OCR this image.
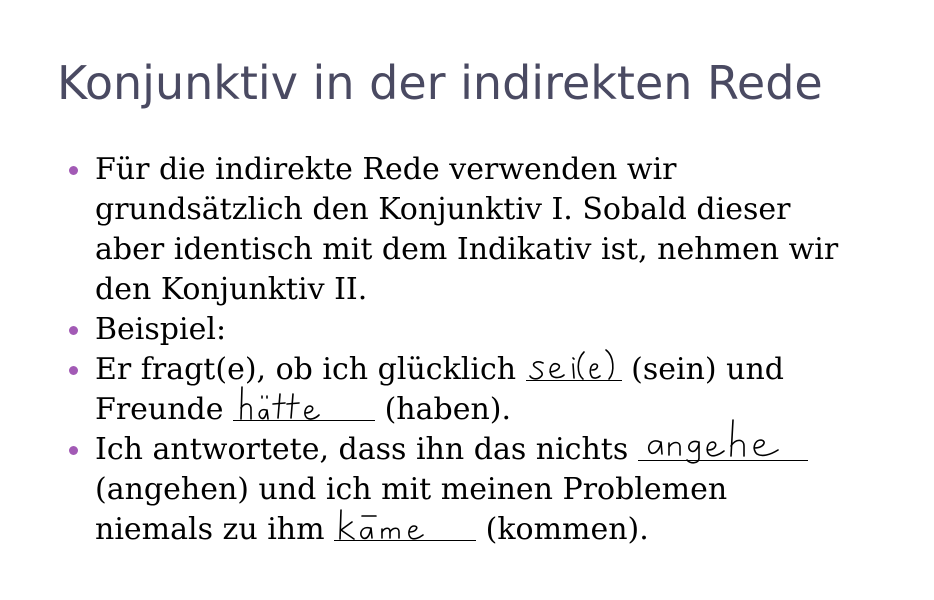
Konjunktiv in der indirekten Rede
Für die indirekte Rede verwenden wir
grundsätzlich den Konjunktiv I. Sobald dieser
aber identisch mit dem Indikativ ist, nehmen wir
den Konjunktiv II.
Beispiel:
Er fragt(e), ob ich glücklich	(sein) und
Freunde	(haben).
Ich antwortete, dass ihn das nichts

(angehen) und ich mit meinen Problemen
niemals zu ihm	(kommen).
